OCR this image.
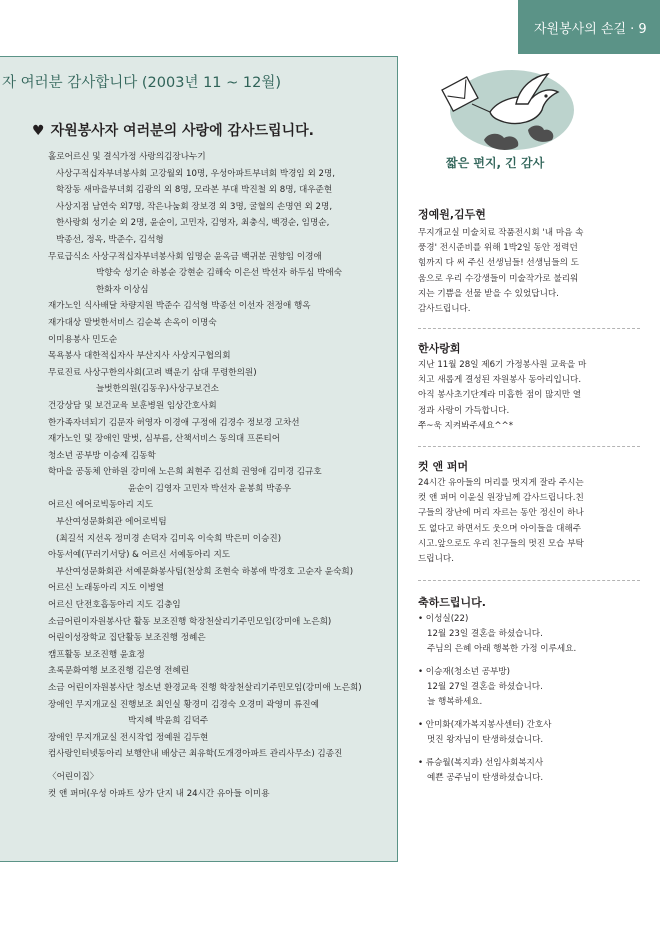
자원봉사의 손길 · 9
자 여러분 감사합니다 (2003년 11 ~ 12월)
♥ 자원봉사자 여러분의 사랑에 감사드립니다.
홀로어르신 및 결식가정 사랑의김장나누기
사상구적십자부녀봉사회 고강월외 10명, 우성아파트부녀회 박경임 외 2명,
학장동 새마을부녀회 김광의 외 8명, 모라본 부대 박진철 외 8명, 대우준현
사상지점 남연숙 외7명, 작은나눔회 장보경 외 3명, 굴혈의 손명연 외 2명,
한사랑회 성기순 외 2명, 윤순이, 고민자, 김영자, 최충식, 백경순, 임명순,
박종선, 정옥, 박준수, 김석형
무료급식소 사상구적십자부녀봉사회 임명순 윤옥금 백귀분 권향임 이경애
박향숙 성기순 하봉순 강현순 김해숙 이은선 박선자 하두심 박애숙
한화자 이상심
재가노인 식사배달 차량지원 박준수 김석형 박종선 이선자 전정애 행옥
재가대상 말벗한서비스 김순복 손옥이 이명숙
이미용봉사 민도순
목욕봉사 대한적십자사 부산지사 사상지구협의회
무료진료 사상구한의사회(고려 백운기 삼대 무령한의원)
늘벗한의원(김동우)사상구보건소
건강상담 및 보건교육 보훈병원 임상간호사회
한가족자녀되기 김문자 허영자 이경애 구정애 김경수 정보경 고차선
재가노인 및 장애인 말벗, 심부름, 산책서비스 동의대 프론티어
청소년 공부방 이승제 김동학
학마을 공동체 안하원 강미애 노은희 최현주 김선희 권영애 김미경 김규호
윤순이 김영자 고민자 박선자 윤봉희 박종우
어르신 에어로빅동아리 지도
부산여성문화회관 에어로빅팀
(최길석 지선옥 정미경 손덕자 김미옥 이숙희 박은미 이승진)
아동서예(꾸러기서당) & 어르신 서예동아리 지도
부산여성문화회관 서예문화봉사팀(천상희 조현숙 하봉애 박경호 고순자 윤숙희)
어르신 노래동아리 지도 이병열
어르신 단전호흡동아리 지도 김충임
소금어린이자원봉사단 활동 보조진행 학장천살리기주민모임(강미애 노은희)
어린이성장학교 집단활동 보조진행 정혜은
캠프활동 보조진행 윤효정
초록문화여행 보조진행 김은영 전혜린
소금 어린이자원봉사단 청소년 환경교육 진행 학장천살리기주민모임(강미애 노은희)
장애인 무지개교실 진행보조 최인실 황경미 김경숙 오경미 곽영미 류진예
박지혜 박윤희 김덕주
장애인 무지개교실 전시작업 정예원 김두현
컴사랑인터넷동아리 보행안내 배상근 최유학(도개경아파트 관리사무소) 김종진
〈어린이집〉
컷 앤 퍼머(우성 아파트 상가 단지 내 24시간 유아들 이미용
짧은 편지, 긴 감사
정예원,김두현
무지개교실 미술치료 작품전시회 '내 마음 속
풍경' 전시준비를 위해 1박2일 동안 정력던
힘까지 다 써 주신 선생님들! 선생님들의 도
움으로 우리 수강생들이 미술작가로 불리워
지는 기쁨을 선물 받을 수 있었답니다.
감사드립니다.
한사랑회
지난 11월 28일 제6기 가정봉사원 교육을 마
치고 새롭게 결성된 자원봉사 동아리입니다.
아직 봉사초기단계라 미흡한 점이 많지만 열
정과 사랑이 가득합니다.
쭈~욱 지켜봐주세요^^*
컷 앤 퍼머
24시간 유아들의 머리를 멋지게 잘라 주시는
컷 앤 퍼머 이윤실 원장님께 감사드립니다.친
구들의 장난에 머리 자르는 동안 정신이 하나
도 없다고 하면서도 웃으며 아이들을 대해주
시고.앞으로도 우리 친구들의 멋진 모습 부탁
드립니다.
축하드립니다.
• 이성실(22)
12월 23일 결혼을 하셨습니다.
주님의 은혜 아래 행복한 가정 이루세요.
• 이승재(청소년 공부방)
12월 27일 결혼을 하셨습니다.
늘 행복하세요.
• 안미화(재가복지봉사센터) 간호사
멋진 왕자님이 탄생하셨습니다.
• 류승월(복지과) 선임사회복지사
예쁜 공주님이 탄생하셨습니다.
